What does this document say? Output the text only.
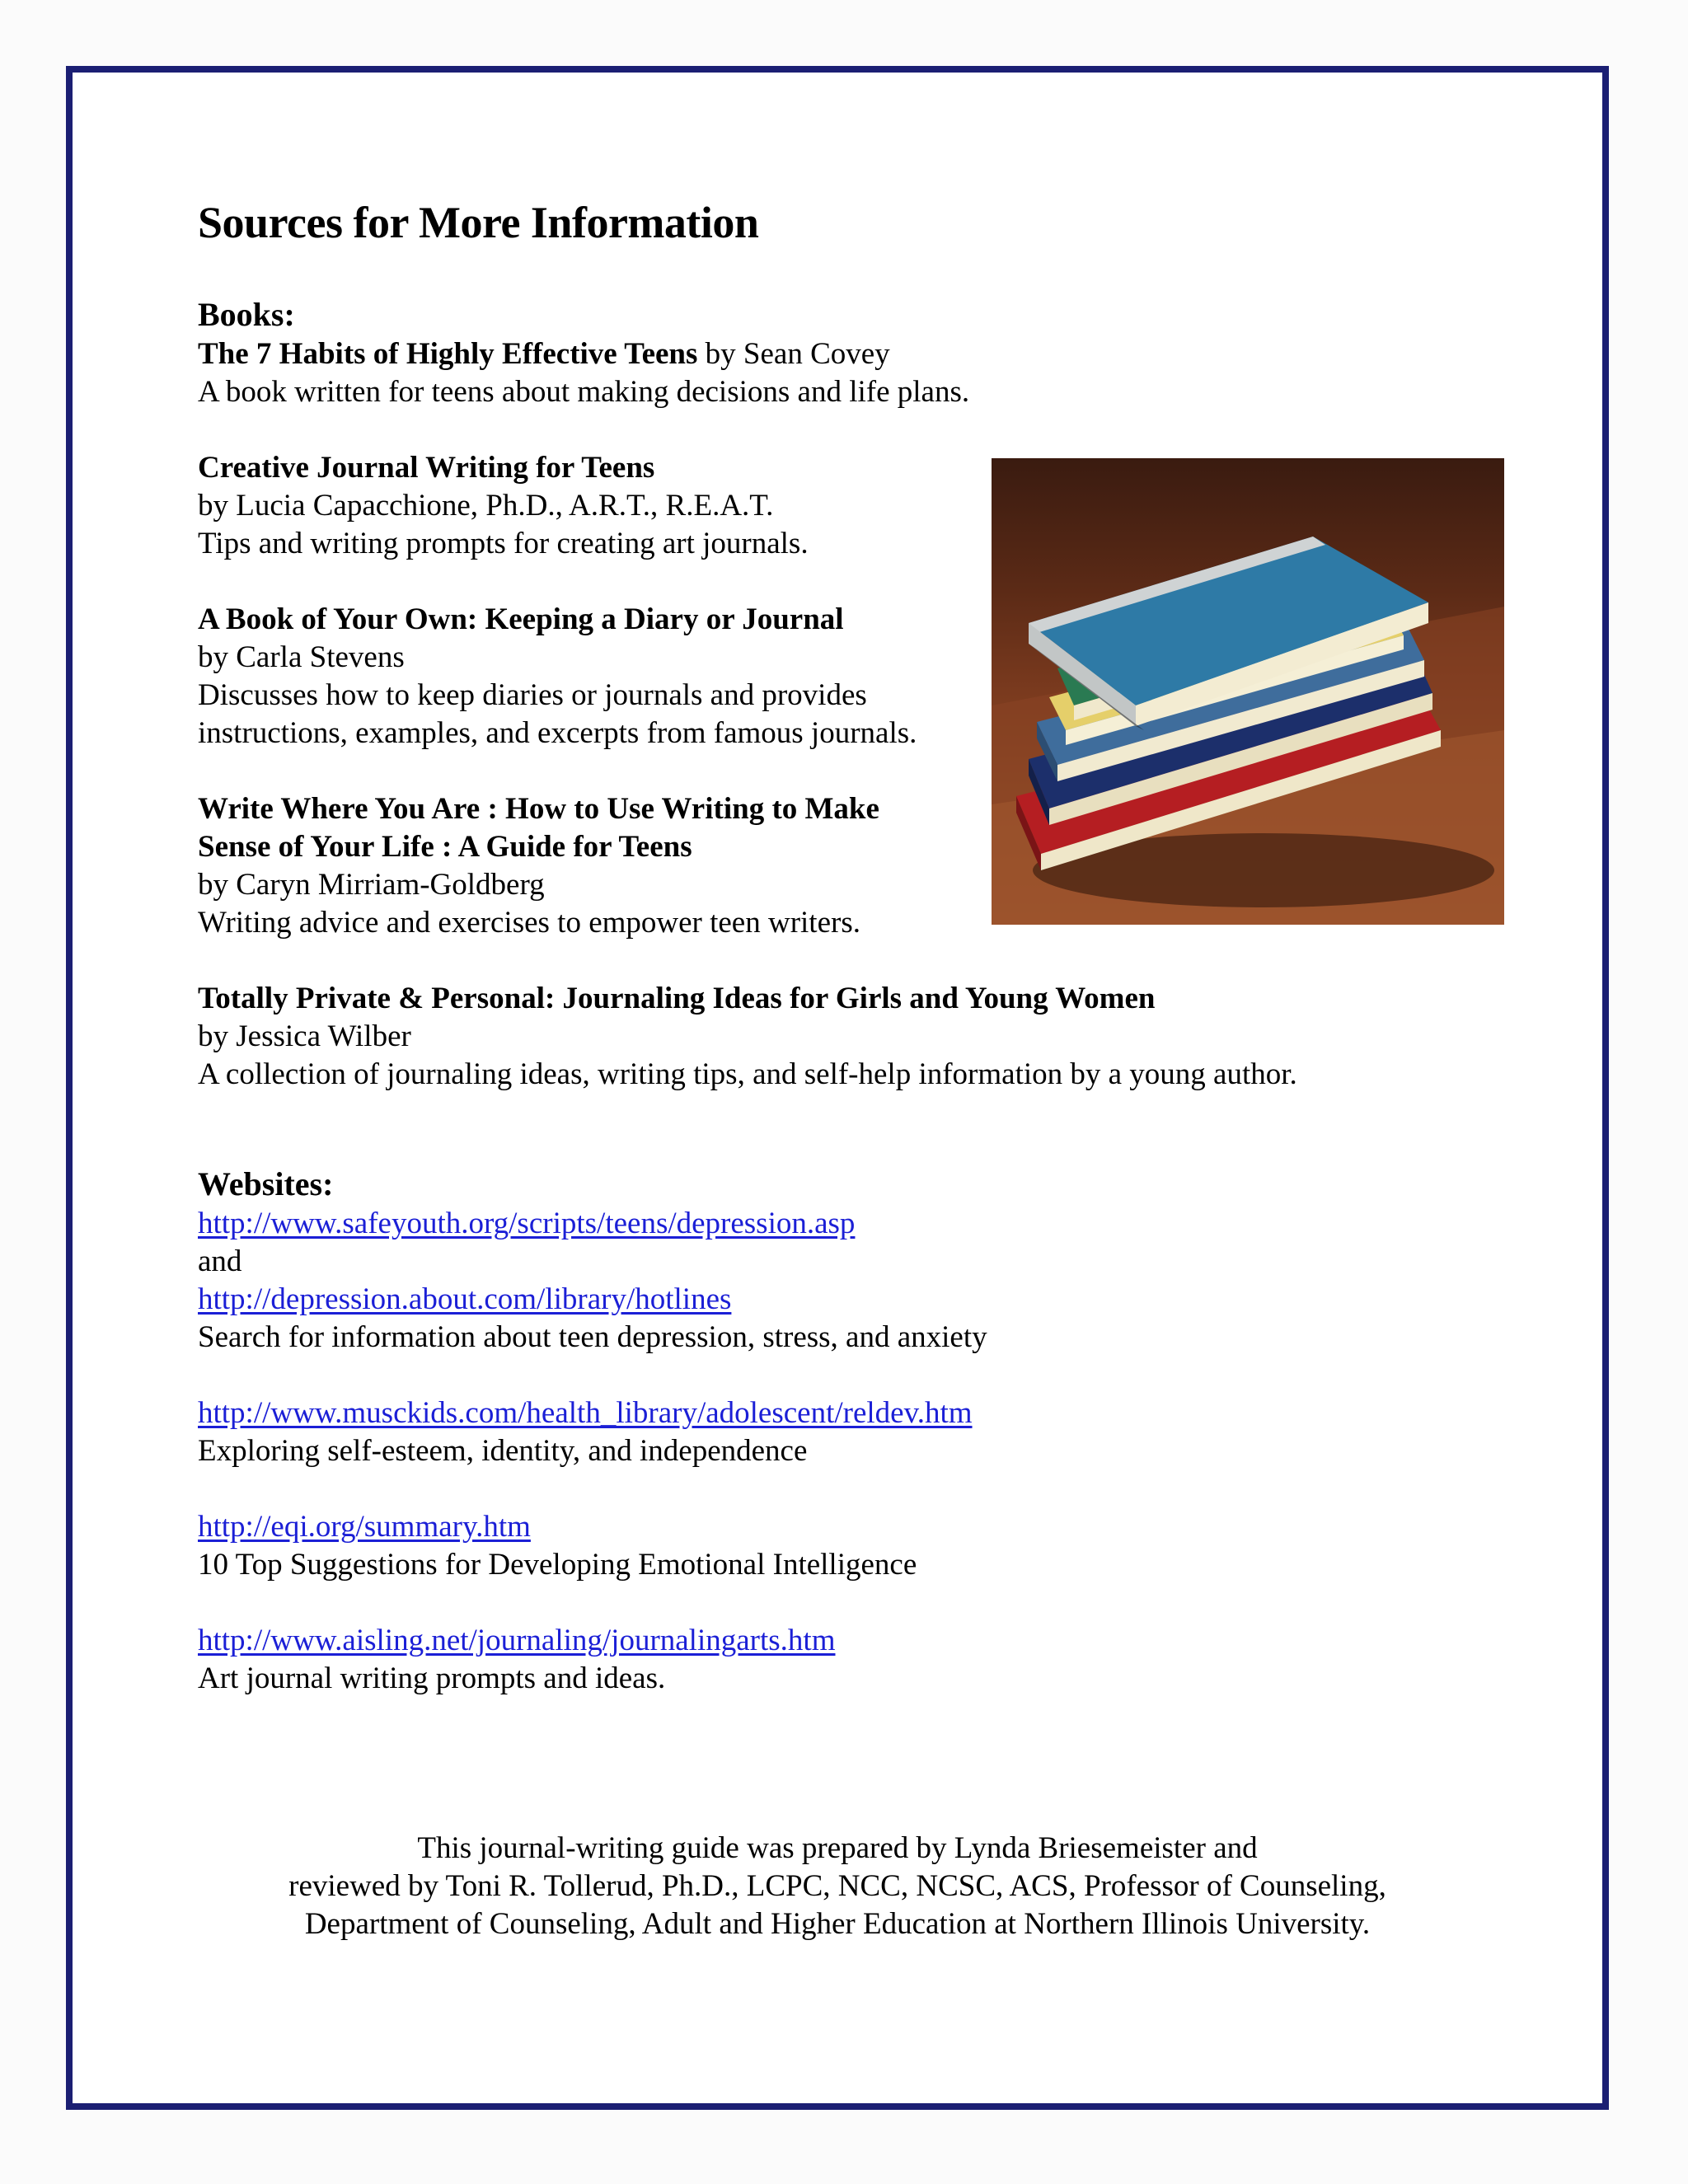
Sources for More Information
Books:

The 7 Habits of Highly Effective Teens by Sean Covey

A book written for teens about making decisions and life plans.

Creative Journal Writing for Teens

by Lucia Capacchione, Ph.D., A.R.T., R.E.A.T.

Tips and writing prompts for creating art journals.

A Book of Your Own: Keeping a Diary or Journal

by Carla Stevens

Discusses how to keep diaries or journals and provides instructions, examples, and excerpts from famous journals.

Write Where You Are : How to Use Writing to Make Sense of Your Life : A Guide for Teens

by Caryn Mirriam-Goldberg

Writing advice and exercises to empower teen writers.

Totally Private & Personal: Journaling Ideas for Girls and Young Women

by Jessica Wilber

A collection of journaling ideas, writing tips, and self-help information by a young author.

Websites:

http://www.safeyouth.org/scripts/teens/depression.asp

and

http://depression.about.com/library/hotlines

Search for information about teen depression, stress, and anxiety

http://www.musckids.com/health_library/adolescent/reldev.htm

Exploring self-esteem, identity, and independence

http://eqi.org/summary.htm

10 Top Suggestions for Developing Emotional Intelligence

http://www.aisling.net/journaling/journalingarts.htm

Art journal writing prompts and ideas.

This journal-writing guide was prepared by Lynda Briesemeister and

reviewed by Toni R. Tollerud, Ph.D., LCPC, NCC, NCSC, ACS, Professor of Counseling,

Department of Counseling, Adult and Higher Education at Northern Illinois University.
